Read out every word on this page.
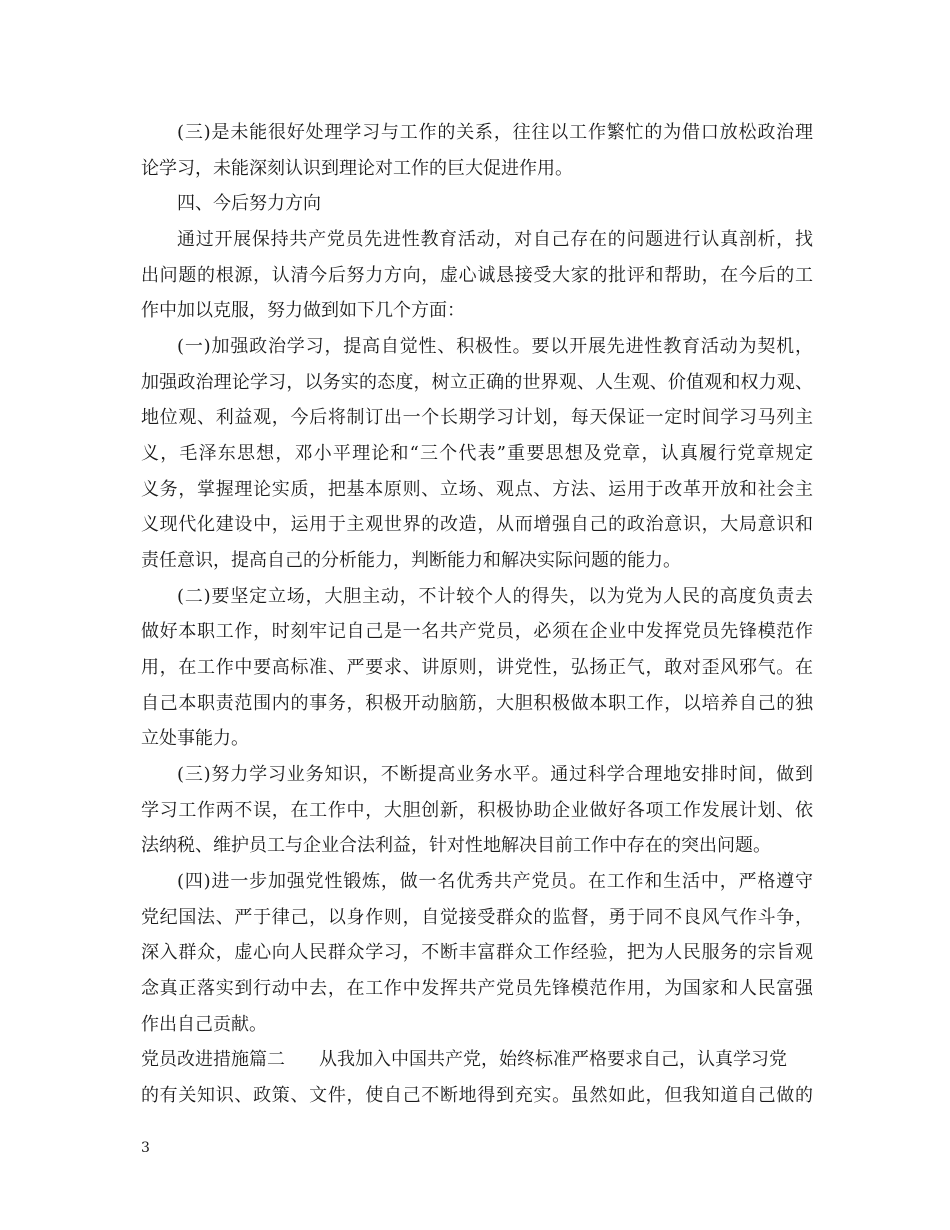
(三)是未能很好处理学习与工作的关系，往往以工作繁忙的为借口放松政治理
论学习，未能深刻认识到理论对工作的巨大促进作用。
四、今后努力方向
通过开展保持共产党员先进性教育活动，对自己存在的问题进行认真剖析，找
出问题的根源，认清今后努力方向，虚心诚恳接受大家的批评和帮助，在今后的工
作中加以克服，努力做到如下几个方面：
(一)加强政治学习，提高自觉性、积极性。要以开展先进性教育活动为契机，
加强政治理论学习，以务实的态度，树立正确的世界观、人生观、价值观和权力观、
地位观、利益观，今后将制订出一个长期学习计划，每天保证一定时间学习马列主
义，毛泽东思想，邓小平理论和“三个代表”重要思想及党章，认真履行党章规定
义务，掌握理论实质，把基本原则、立场、观点、方法、运用于改革开放和社会主
义现代化建设中，运用于主观世界的改造，从而增强自己的政治意识，大局意识和
责任意识，提高自己的分析能力，判断能力和解决实际问题的能力。
(二)要坚定立场，大胆主动，不计较个人的得失，以为党为人民的高度负责去
做好本职工作，时刻牢记自己是一名共产党员，必须在企业中发挥党员先锋模范作
用，在工作中要高标准、严要求、讲原则，讲党性，弘扬正气，敢对歪风邪气。在
自己本职责范围内的事务，积极开动脑筋，大胆积极做本职工作，以培养自己的独
立处事能力。
(三)努力学习业务知识，不断提高业务水平。通过科学合理地安排时间，做到
学习工作两不误，在工作中，大胆创新，积极协助企业做好各项工作发展计划、依
法纳税、维护员工与企业合法利益，针对性地解决目前工作中存在的突出问题。
(四)进一步加强党性锻炼，做一名优秀共产党员。在工作和生活中，严格遵守
党纪国法、严于律己，以身作则，自觉接受群众的监督，勇于同不良风气作斗争，
深入群众，虚心向人民群众学习，不断丰富群众工作经验，把为人民服务的宗旨观
念真正落实到行动中去，在工作中发挥共产党员先锋模范作用，为国家和人民富强
作出自己贡献。
党员改进措施篇二 从我加入中国共产党，始终标准严格要求自己，认真学习党
的有关知识、政策、文件，使自己不断地得到充实。虽然如此，但我知道自己做的
3
